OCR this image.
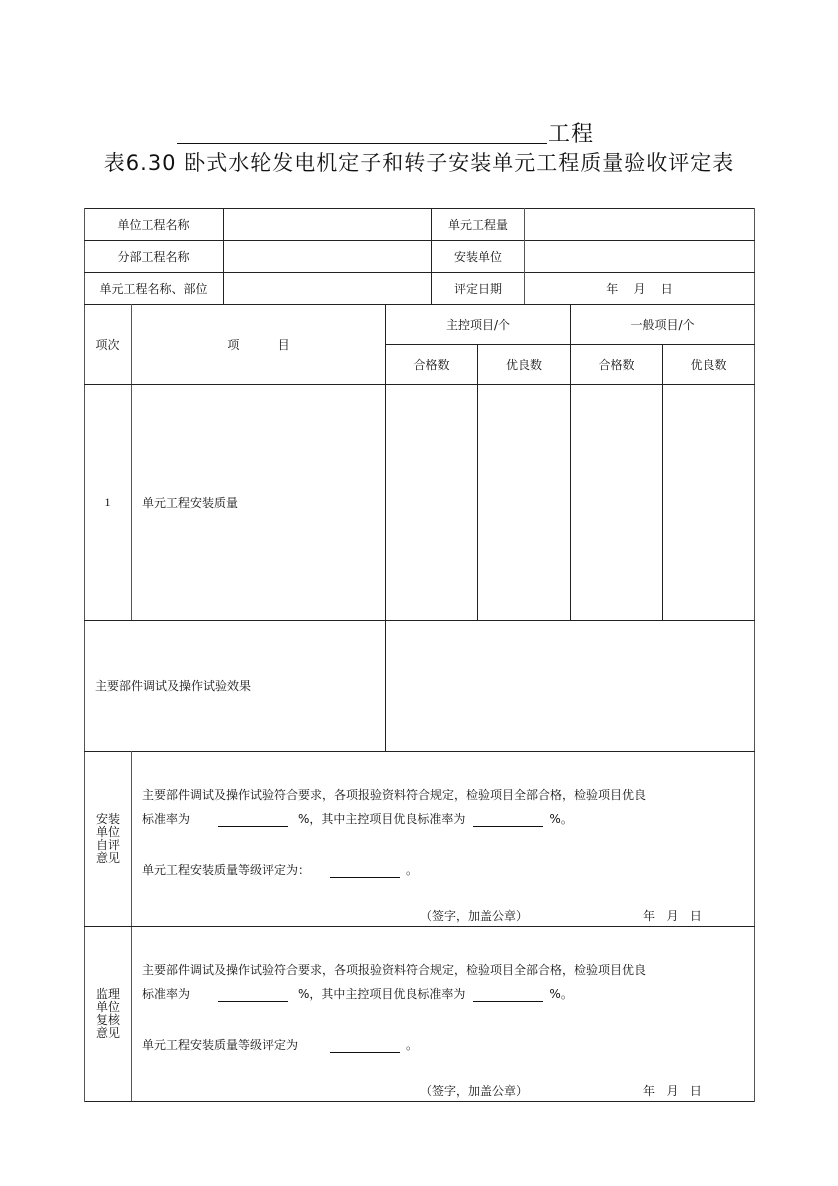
工程
表6.30 卧式水轮发电机定子和转子安装单元工程质量验收评定表
单位工程名称	单元工程量
分部工程名称	安装单位
单元工程名称、部位	评定日期	年    月    日
项次	项          目
主控项目/个	一般项目/个
合格数	优良数	合格数	优良数
1	单元工程安装质量
主要部件调试及操作试验效果
安装单位自评意见
主要部件调试及操作试验符合要求，各项报验资料符合规定，检验项目全部合格，检验项目优良
标准率为	%，其中主控项目优良标准率为	%。
单元工程安装质量等级评定为：	。
（签字，加盖公章）	年   月   日
监理单位复核意见
主要部件调试及操作试验符合要求，各项报验资料符合规定，检验项目全部合格，检验项目优良
标准率为	%，其中主控项目优良标准率为	%。
单元工程安装质量等级评定为	。
（签字，加盖公章）	年   月   日
